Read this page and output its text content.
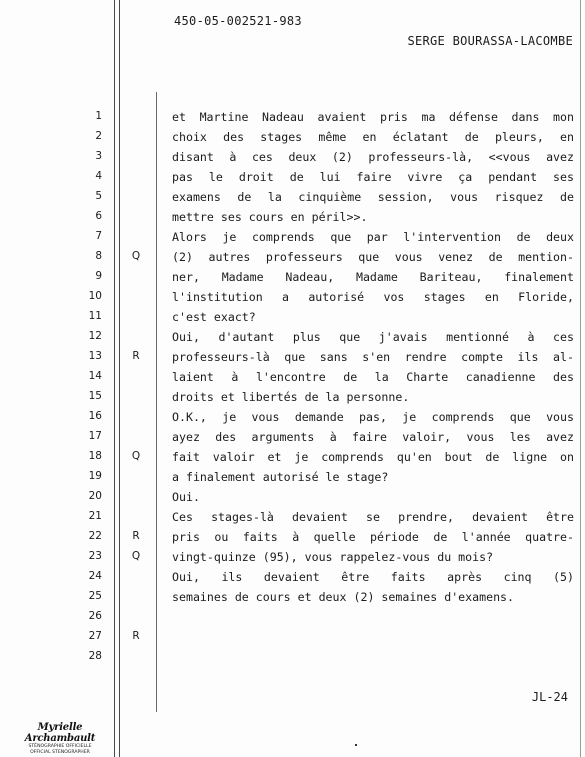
450-05-002521-983
SERGE BOURASSA-LACOMBE
1
2
3
4
5
6
7
8
9
10
11
12
13
14
15
16
17
18
19
20
21
22
23
24
25
26
27
28
Q
R
Q
R
Q
R
et Martine Nadeau avaient pris ma défense dans mon
choix des stages même en éclatant de pleurs, en
disant à ces deux (2) professeurs-là, <<vous avez
pas le droit de lui faire vivre ça pendant ses
examens de la cinquième session, vous risquez de
mettre ses cours en péril>>.
Alors je comprends que par l'intervention de deux
(2) autres professeurs que vous venez de mention-
ner, Madame Nadeau, Madame Bariteau, finalement
l'institution a autorisé vos stages en Floride,
c'est exact?
Oui, d'autant plus que j'avais mentionné à ces
professeurs-là que sans s'en rendre compte ils al-
laient à l'encontre de la Charte canadienne des
droits et libertés de la personne.
O.K., je vous demande pas, je comprends que vous
ayez des arguments à faire valoir, vous les avez
fait valoir et je comprends qu'en bout de ligne on
a finalement autorisé le stage?
Oui.
Ces stages-là devaient se prendre, devaient être
pris ou faits à quelle période de l'année quatre-
vingt-quinze (95), vous rappelez-vous du mois?
Oui, ils devaient être faits après cinq (5)
semaines de cours et deux (2) semaines d'examens.
JL-24
Myrielle Archambault
STÉNOGRAPHIE OFFICIELLE
OFFICIAL STENOGRAPHER
